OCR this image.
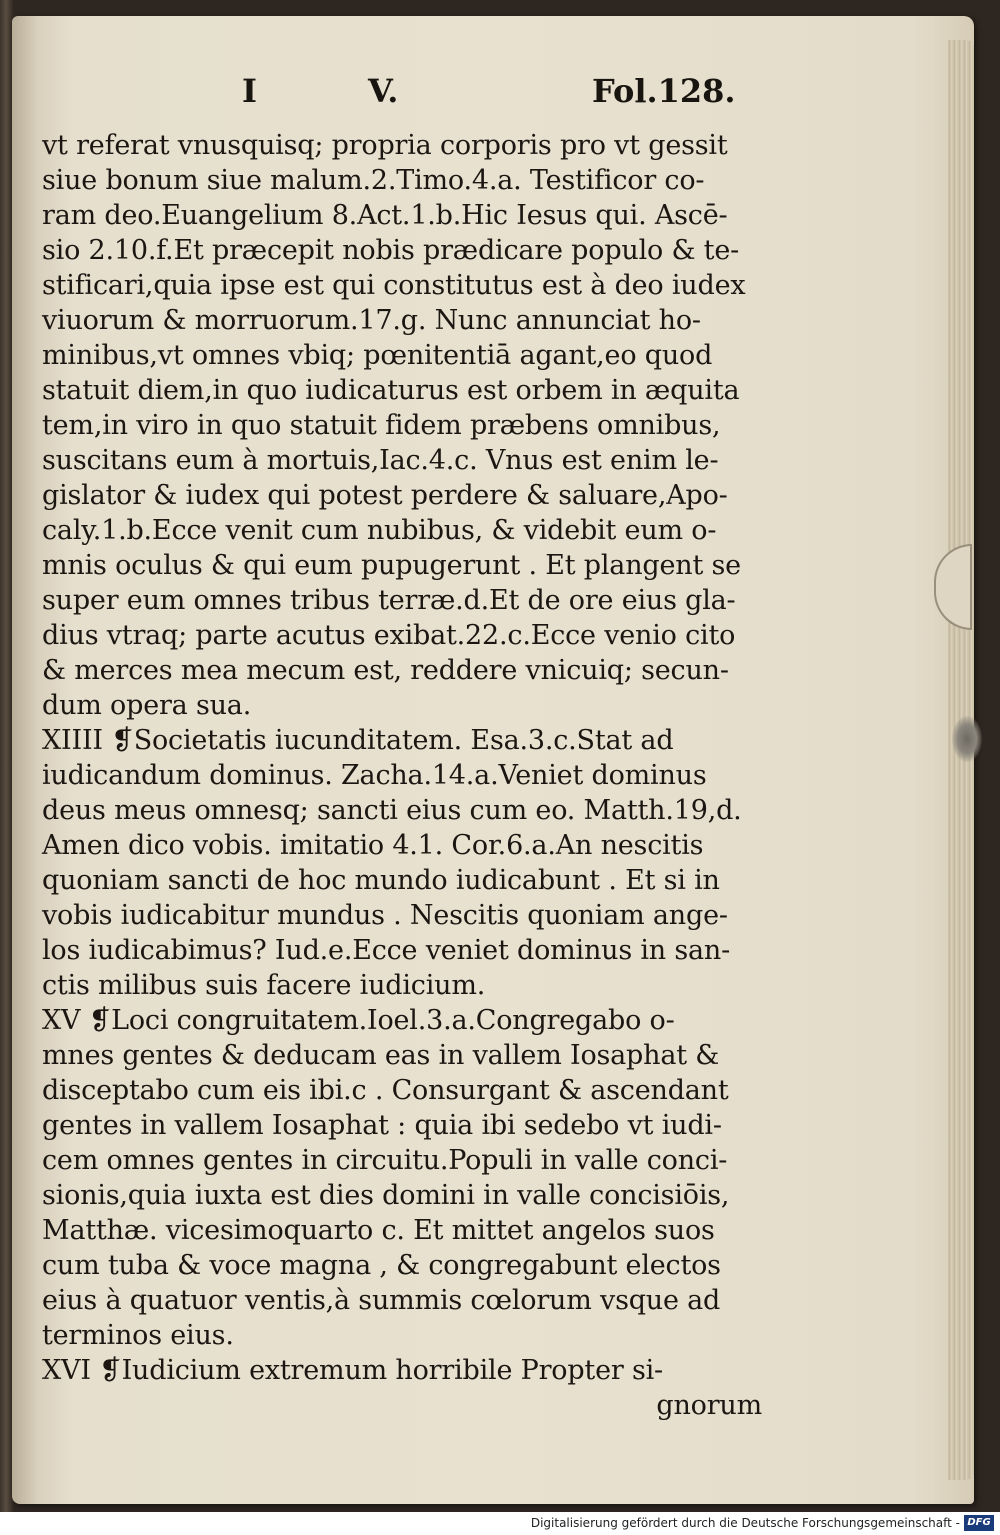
I	V.	Fol.128.
vt referat vnusquisq; propria corporis pro vt gessit
siue bonum siue malum.2.Timo.4.a. Testificor co-
ram deo.Euangelium 8.Act.1.b.Hic Iesus qui. Ascē-
sio 2.10.f.Et præcepit nobis prædicare populo & te-
stificari,quia ipse est qui constitutus est à deo iudex
viuorum & morruorum.17.g. Nunc annunciat ho-
minibus,vt omnes vbiq; pœnitentiā agant,eo quod
statuit diem,in quo iudicaturus est orbem in æquita
tem,in viro in quo statuit fidem præbens omnibus,
suscitans eum à mortuis,Iac.4.c. Vnus est enim le-
gislator & iudex qui potest perdere & saluare,Apo-
caly.1.b.Ecce venit cum nubibus, & videbit eum o-
mnis oculus & qui eum pupugerunt . Et plangent se
super eum omnes tribus terræ.d.Et de ore eius gla-
dius vtraq; parte acutus exibat.22.c.Ecce venio cito
& merces mea mecum est, reddere vnicuiq; secun-
dum opera sua.
XIIII ❡Societatis iucunditatem. Esa.3.c.Stat ad
iudicandum dominus. Zacha.14.a.Veniet dominus
deus meus omnesq; sancti eius cum eo. Matth.19,d.
Amen dico vobis. imitatio 4.1. Cor.6.a.An nescitis
quoniam sancti de hoc mundo iudicabunt . Et si in
vobis iudicabitur mundus . Nescitis quoniam ange-
los iudicabimus? Iud.e.Ecce veniet dominus in san-
ctis milibus suis facere iudicium.
XV ❡Loci congruitatem.Ioel.3.a.Congregabo o-
mnes gentes & deducam eas in vallem Iosaphat &
disceptabo cum eis ibi.c . Consurgant & ascendant
gentes in vallem Iosaphat : quia ibi sedebo vt iudi-
cem omnes gentes in circuitu.Populi in valle conci-
sionis,quia iuxta est dies domini in valle concisiōis,
Matthæ. vicesimoquarto c. Et mittet angelos suos
cum tuba & voce magna , & congregabunt electos
eius à quatuor ventis,à summis cœlorum vsque ad
terminos eius.
XVI ❡Iudicium extremum horribile Propter si-
gnorum
Digitalisierung gefördert durch die Deutsche Forschungsgemeinschaft - DFG
